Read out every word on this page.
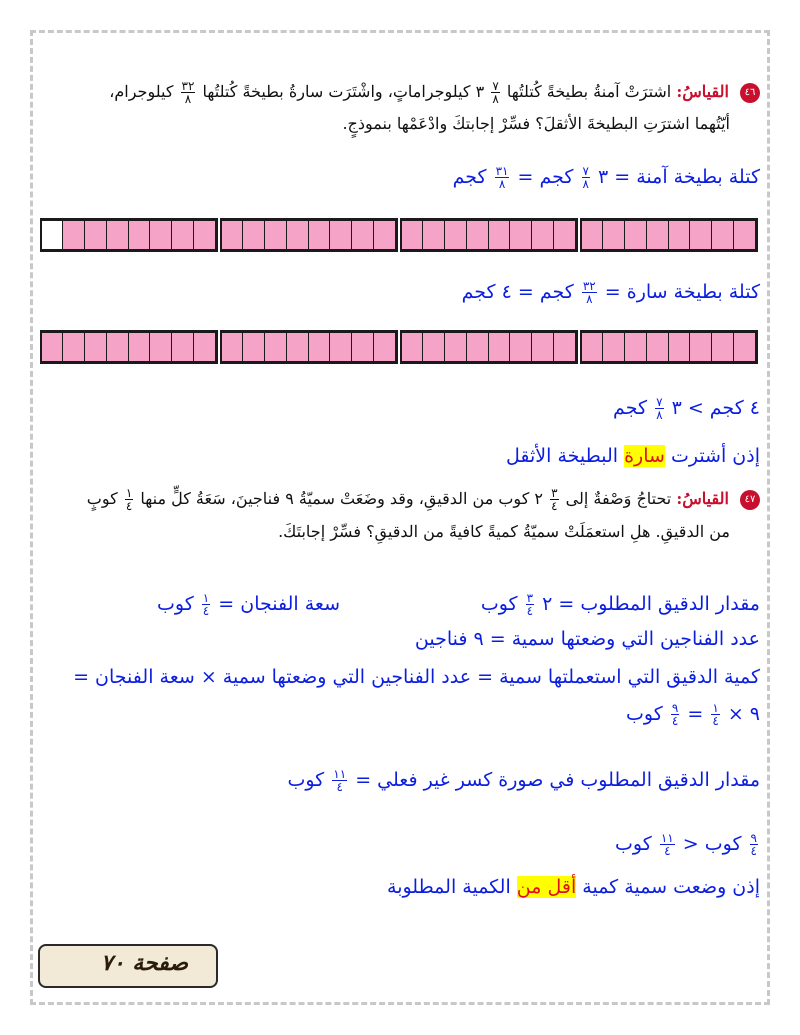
٤٦ القياسُ: اشترَتْ آمنةُ بطيخةً كُتلتُها
$\frac{٧}{٨}$
٣ كيلوجراماتٍ، واشْتَرَت سارةُ بطيخةً كُتلتُها
$\frac{٣٢}{٨}$
كيلوجرام،
أيّتُهما اشترَتِ البطيخةَ الأثقلَ؟ فسِّرْ إجابتكَ وادْعَمْها بنموذجٍ.
كتلة بطيخة آمنة = ٣
$\frac{٧}{٨}$
كجم =
$\frac{٣١}{٨}$
كجم
كتلة بطيخة سارة =
$\frac{٣٢}{٨}$
كجم = ٤ كجم
٤ كجم > ٣
$\frac{٧}{٨}$
كجم
إذن أشترت سارة البطيخة الأثقل
٤٧ القياسُ: تحتاجُ وَصْفةٌ إلى
$\frac{٣}{٤}$
٢ كوب من الدقيقِ، وقد وضَعَتْ سميّةُ ٩ فناجينَ، سَعَةُ كلٍّ منها
$\frac{١}{٤}$
كوبٍ
من الدقيقِ. هلِ استعمَلَتْ سميّةُ كميةً كافيةً من الدقيقِ؟ فسِّرْ إجابتَكَ.
مقدار الدقيق المطلوب = ٢
$\frac{٣}{٤}$
كوب
سعة الفنجان =
$\frac{١}{٤}$
كوب
عدد الفناجين التي وضعتها سمية = ٩ فناجين
كمية الدقيق التي استعملتها سمية = عدد الفناجين التي وضعتها سمية × سعة الفنجان =
٩ ×
$\frac{١}{٤}$
=
$\frac{٩}{٤}$
كوب
مقدار الدقيق المطلوب في صورة كسر غير فعلي =
$\frac{١١}{٤}$
كوب
$\frac{٩}{٤}$
كوب <
$\frac{١١}{٤}$
كوب
إذن وضعت سمية كمية أقل من الكمية المطلوبة
صفحة ٧٠
